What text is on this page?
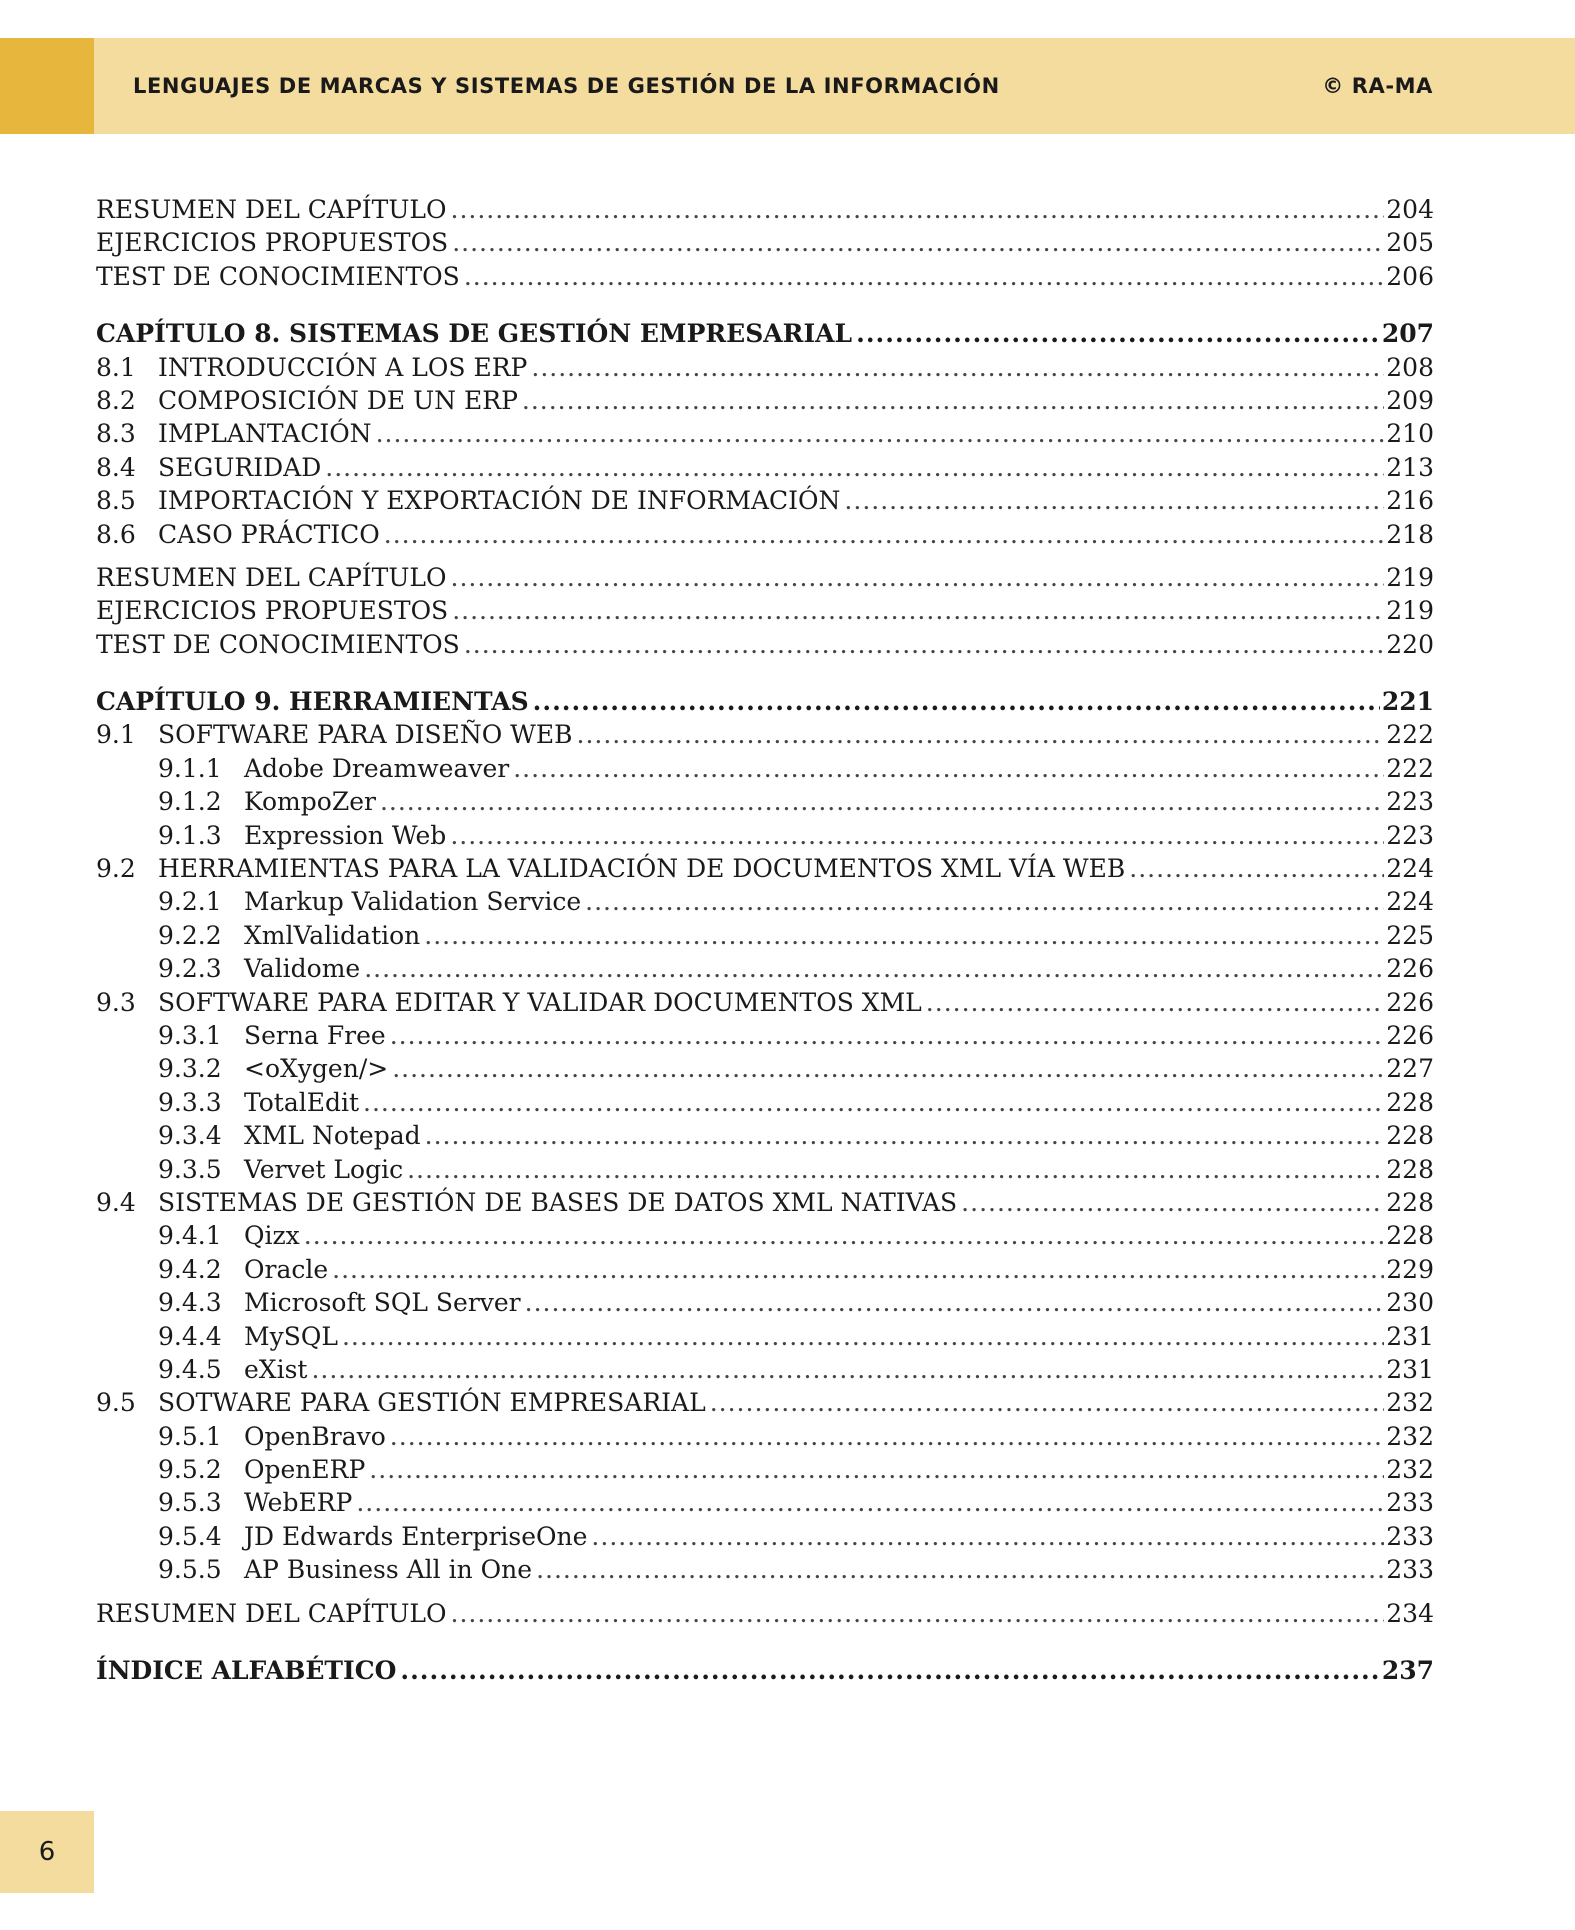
LENGUAJES DE MARCAS Y SISTEMAS DE GESTIÓN DE LA INFORMACIÓN	© RA-MA
RESUMEN DEL CAPÍTULO .....	204
EJERCICIOS PROPUESTOS .....	205
TEST DE CONOCIMIENTOS .....	206
CAPÍTULO 8. SISTEMAS DE GESTIÓN EMPRESARIAL .....	207
8.1 INTRODUCCIÓN A LOS ERP .....	208
8.2 COMPOSICIÓN DE UN ERP .....	209
8.3 IMPLANTACIÓN .....	210
8.4 SEGURIDAD .....	213
8.5 IMPORTACIÓN Y EXPORTACIÓN DE INFORMACIÓN .....	216
8.6 CASO PRÁCTICO .....	218
RESUMEN DEL CAPÍTULO .....	219
EJERCICIOS PROPUESTOS .....	219
TEST DE CONOCIMIENTOS .....	220
CAPÍTULO 9. HERRAMIENTAS .....	221
9.1 SOFTWARE PARA DISEÑO WEB .....	222
9.1.1 Adobe Dreamweaver .....	222
9.1.2 KompoZer .....	223
9.1.3 Expression Web .....	223
9.2 HERRAMIENTAS PARA LA VALIDACIÓN DE DOCUMENTOS XML VÍA WEB .....	224
9.2.1 Markup Validation Service .....	224
9.2.2 XmlValidation .....	225
9.2.3 Validome .....	226
9.3 SOFTWARE PARA EDITAR Y VALIDAR DOCUMENTOS XML .....	226
9.3.1 Serna Free .....	226
9.3.2 <oXygen/> .....	227
9.3.3 TotalEdit .....	228
9.3.4 XML Notepad .....	228
9.3.5 Vervet Logic .....	228
9.4 SISTEMAS DE GESTIÓN DE BASES DE DATOS XML NATIVAS .....	228
9.4.1 Qizx .....	228
9.4.2 Oracle .....	229
9.4.3 Microsoft SQL Server .....	230
9.4.4 MySQL .....	231
9.4.5 eXist .....	231
9.5 SOTWARE PARA GESTIÓN EMPRESARIAL .....	232
9.5.1 OpenBravo .....	232
9.5.2 OpenERP .....	232
9.5.3 WebERP .....	233
9.5.4 JD Edwards EnterpriseOne .....	233
9.5.5 AP Business All in One .....	233
RESUMEN DEL CAPÍTULO .....	234
ÍNDICE ALFABÉTICO .....	237
6
